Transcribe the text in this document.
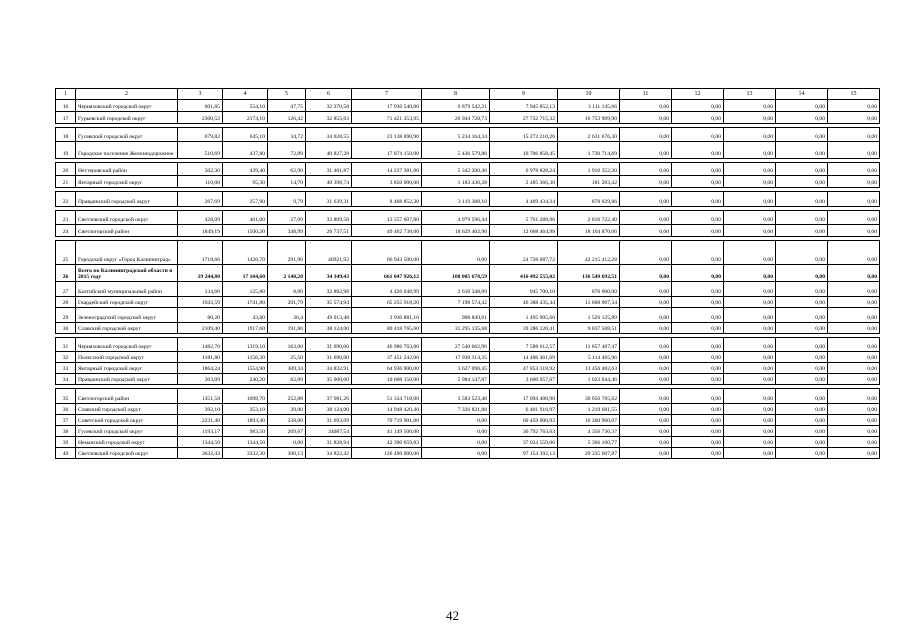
1	2	3	4	5	6	7	8	9	10	11	12	13	14	15
16	Черняховский городской округ	601,85	554,10	47,75	32 370,58	17 936 540,00	6 879 542,21	7 945 852,13	3 111 145,66	0,00	0,00	0,00	0,00	0,00
17	Гурьевский городской округ	2300,52	2174,10	126,42	32 855,63	71 421 353,95	26 944 728,73	27 732 715,32	16 753 909,90	0,00	0,00	0,00	0,00	0,00

18	Гусевский городской округ	679,82	645,10	34,72	34 028,55	23 138 090,90	5 234 164,34	15 272 210,26	2 631 676,30	0,00	0,00	0,00	0,00	0,00
19	Городское поселение Железнодорожное	510,69	437,80	72,89	40 827,28	17 874 150,00	5 436 579,86	10 706 858,45	1 730 714,69	0,00	0,00	0,00	0,00	0,00

20	Нестеровский район	502,30	439,40	62,90	31 401,87	14 237 381,00	5 342 200,46	6 978 828,24	1 916 352,30	0,00	0,00	0,00	0,00	0,00
21	Янтарный городской округ	110,00	95,30	14,70	40 398,74	3 850 000,00	1 183 430,28	2 485 366,30	181 203,42	0,00	0,00	0,00	0,00	0,00

22	Правдинский городской округ	267,69	257,90	9,79	31 639,31	8 468 852,30	3 119 388,10	4 469 434,34	878 029,86	0,00	0,00	0,00	0,00	0,00

23	Светловский городской округ	428,09	401,00	27,09	33 809,58	13 557 607,80	4 979 596,44	5 761 288,96	2 816 722,40	0,00	0,00	0,00	0,00	0,00
24	Светлогорский район	1849,19	1500,20	348,99	26 737,51	49 462 738,00	18 629 402,96	12 668 464,98	18 164 870,06	0,00	0,00	0,00	0,00	0,00

25	Городской округ «Город Калининград»	1718,66	1426,70	291,96	46921,92	66 943 500,00	0,00	24 728 087,72	42 215 412,28	0,00	0,00	0,00	0,00	0,00
26	Всего по Калининградской области в 2015 году	19 244,80	17 104,60	2 140,20	34 349,43	661 047 926,12	108 005 678,59	416 492 555,02	136 549 692,51	0,00	0,00	0,00	0,00	0,00
27	Балтийский муниципальный район	134,60	125,80	8,80	32 882,98	4 426 048,99	2 610 348,89	945 700,10	870 000,00	0,00	0,00	0,00	0,00	0,00
28	Гвардейский городской округ	1943,59	1741,80	201,79	35 574,94	65 255 918,20	7 198 574,42	46 388 435,44	11 668 907,34	0,00	0,00	0,00	0,00	0,00
29	Зеленоградский городской округ	80,20	43,80	36,4	49 013,48	3 930 881,10	908 849,61	1 495 905,60	1 526 125,89	0,00	0,00	0,00	0,00	0,00
30	Славский городской округ	2109,40	1917,60	191,80	38 124,00	80 418 765,60	31 295 135,68	39 286 120,41	9 837 508,51	0,00	0,00	0,00	0,00	0,00

31	Черняховский городской округ	1482,70	1319,10	163,60	31 690,00	46 986 763,00	27 540 662,96	7 588 612,57	11 857 487,47	0,00	0,00	0,00	0,00	0,00
32	Полесский городской округ	1181,80	1156,30	25,50	31 690,00	37 451 242,00	17 930 314,35	14 406 461,69	5 114 465,96	0,00	0,00	0,00	0,00	0,00
33	Янтарный городской округ	1864,24	1554,90	309,34	34 832,91	64 936 900,00	3 627 098,45	47 853 318,92	13 456 482,63	0,00	0,00	0,00	0,00	0,00
34	Правдинский городской округ	303,09	240,20	62,89	35 000,00	10 608 150,00	5 984 147,87	3 600 957,67	1 023 044,46	0,00	0,00	0,00	0,00	0,00

35	Светлогорский район	1351,58	1098,70	252,88	37 981,26	51 334 718,00	3 583 523,48	17 094 408,90	30 656 785,62	0,00	0,00	0,00	0,00	0,00
36	Славский городской округ	392,10	353,10	39,00	38 124,00	14 948 420,40	7 326 821,88	6 401 916,97	1 219 681,55	0,00	0,00	0,00	0,00	0,00
37	Советский городской округ	2231,40	1893,40	338,00	31 693,09	70 719 901,00	0,00	60 459 000,93	10 260 960,07	0,00	0,00	0,00	0,00	0,00
38	Гусевский городской округ	1193,17	983,50	209,67	34087,54	41 149 500,00	0,00	36 792 763,63	4 356 736,37	0,00	0,00	0,00	0,00	0,00
39	Неманский городской округ	1344,50	1344,50	0,00	31 828,94	42 390 659,83	0,00	37 024 559,06	5 366 100,77	0,00	0,00	0,00	0,00	0,00
40	Светловский городской округ	3632,43	3332,30	300,13	34 822,42	126 490 000,00	0,00	97 154 392,13	29 335 607,87	0,00	0,00	0,00	0,00	0,00
42
